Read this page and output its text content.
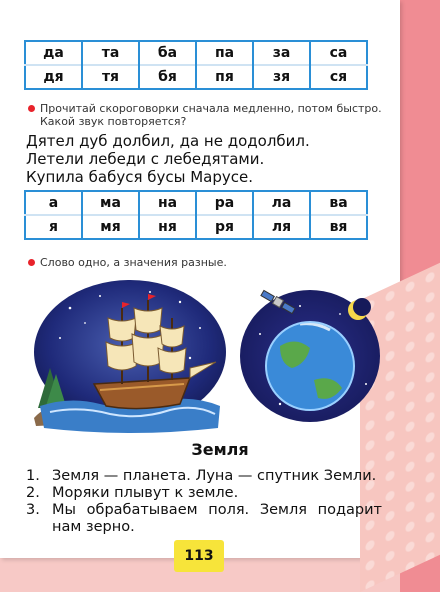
да	та	ба	па	за	са
дя	тя	бя	пя	зя	ся
Прочитай скороговорки сначала медленно, потом быстро. Какой звук повторяется?
Дятел дуб долбил, да не додолбил.
Летели лебеди с лебедятами.
Купила бабуся бусы Марусе.
а	ма	на	ра	ла	ва
я	мя	ня	ря	ля	вя
Слово одно, а значения разные.
Земля
1. Земля — планета. Луна — спутник Земли.
2. Моряки плывут к земле.
3. Мы обрабатываем поля. Земля подарит нам зерно.
113
